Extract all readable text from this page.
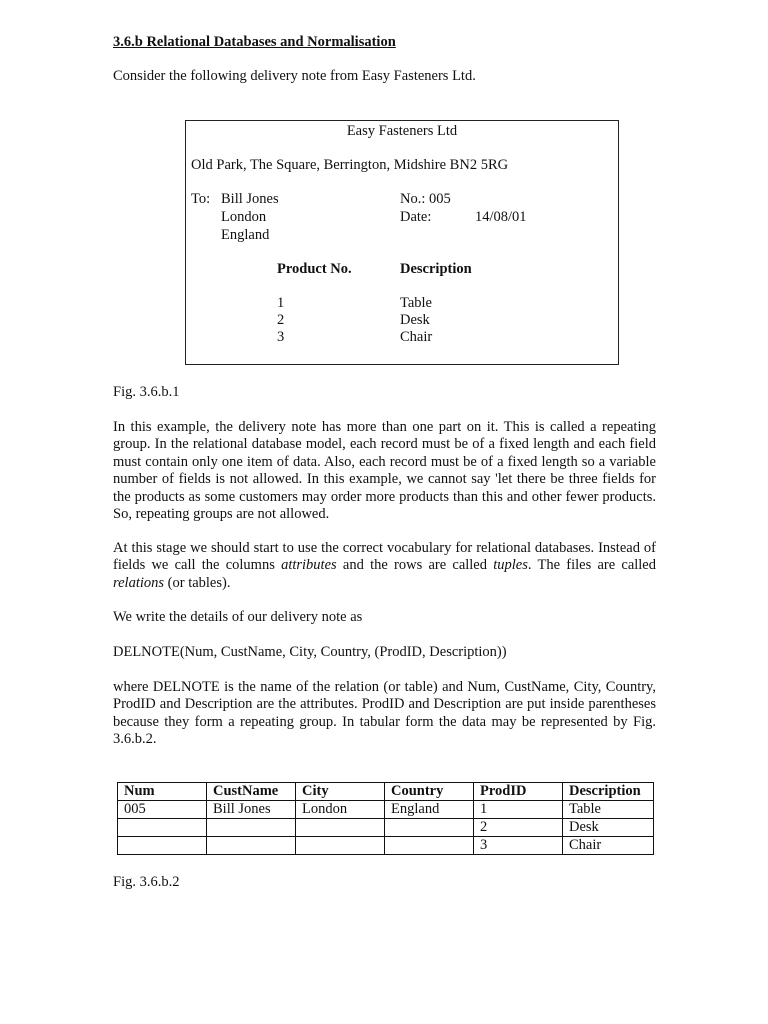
3.6.b Relational Databases and Normalisation

Consider the following delivery note from Easy Fasteners Ltd.

Easy Fasteners Ltd
Old Park, The Square, Berrington, Midshire BN2 5RG
To: Bill Jones
London
England
No.: 005
Date:	14/08/01
Product No.	Description
1	Table
2	Desk
3	Chair

Fig. 3.6.b.1

In this example, the delivery note has more than one part on it. This is called a repeating group. In the relational database model, each record must be of a fixed length and each field must contain only one item of data. Also, each record must be of a fixed length so a variable number of fields is not allowed. In this example, we cannot say 'let there be three fields for the products as some customers may order more products than this and other fewer products. So, repeating groups are not allowed.

At this stage we should start to use the correct vocabulary for relational databases. Instead of fields we call the columns attributes and the rows are called tuples. The files are called relations (or tables).

We write the details of our delivery note as

DELNOTE(Num, CustName, City, Country, (ProdID, Description))

where DELNOTE is the name of the relation (or table) and Num, CustName, City, Country, ProdID and Description are the attributes. ProdID and Description are put inside parentheses because they form a repeating group. In tabular form the data may be represented by Fig. 3.6.b.2.

Num	CustName	City	Country	ProdID	Description
005	Bill Jones	London	England	1	Table
				2	Desk
				3	Chair

Fig. 3.6.b.2
